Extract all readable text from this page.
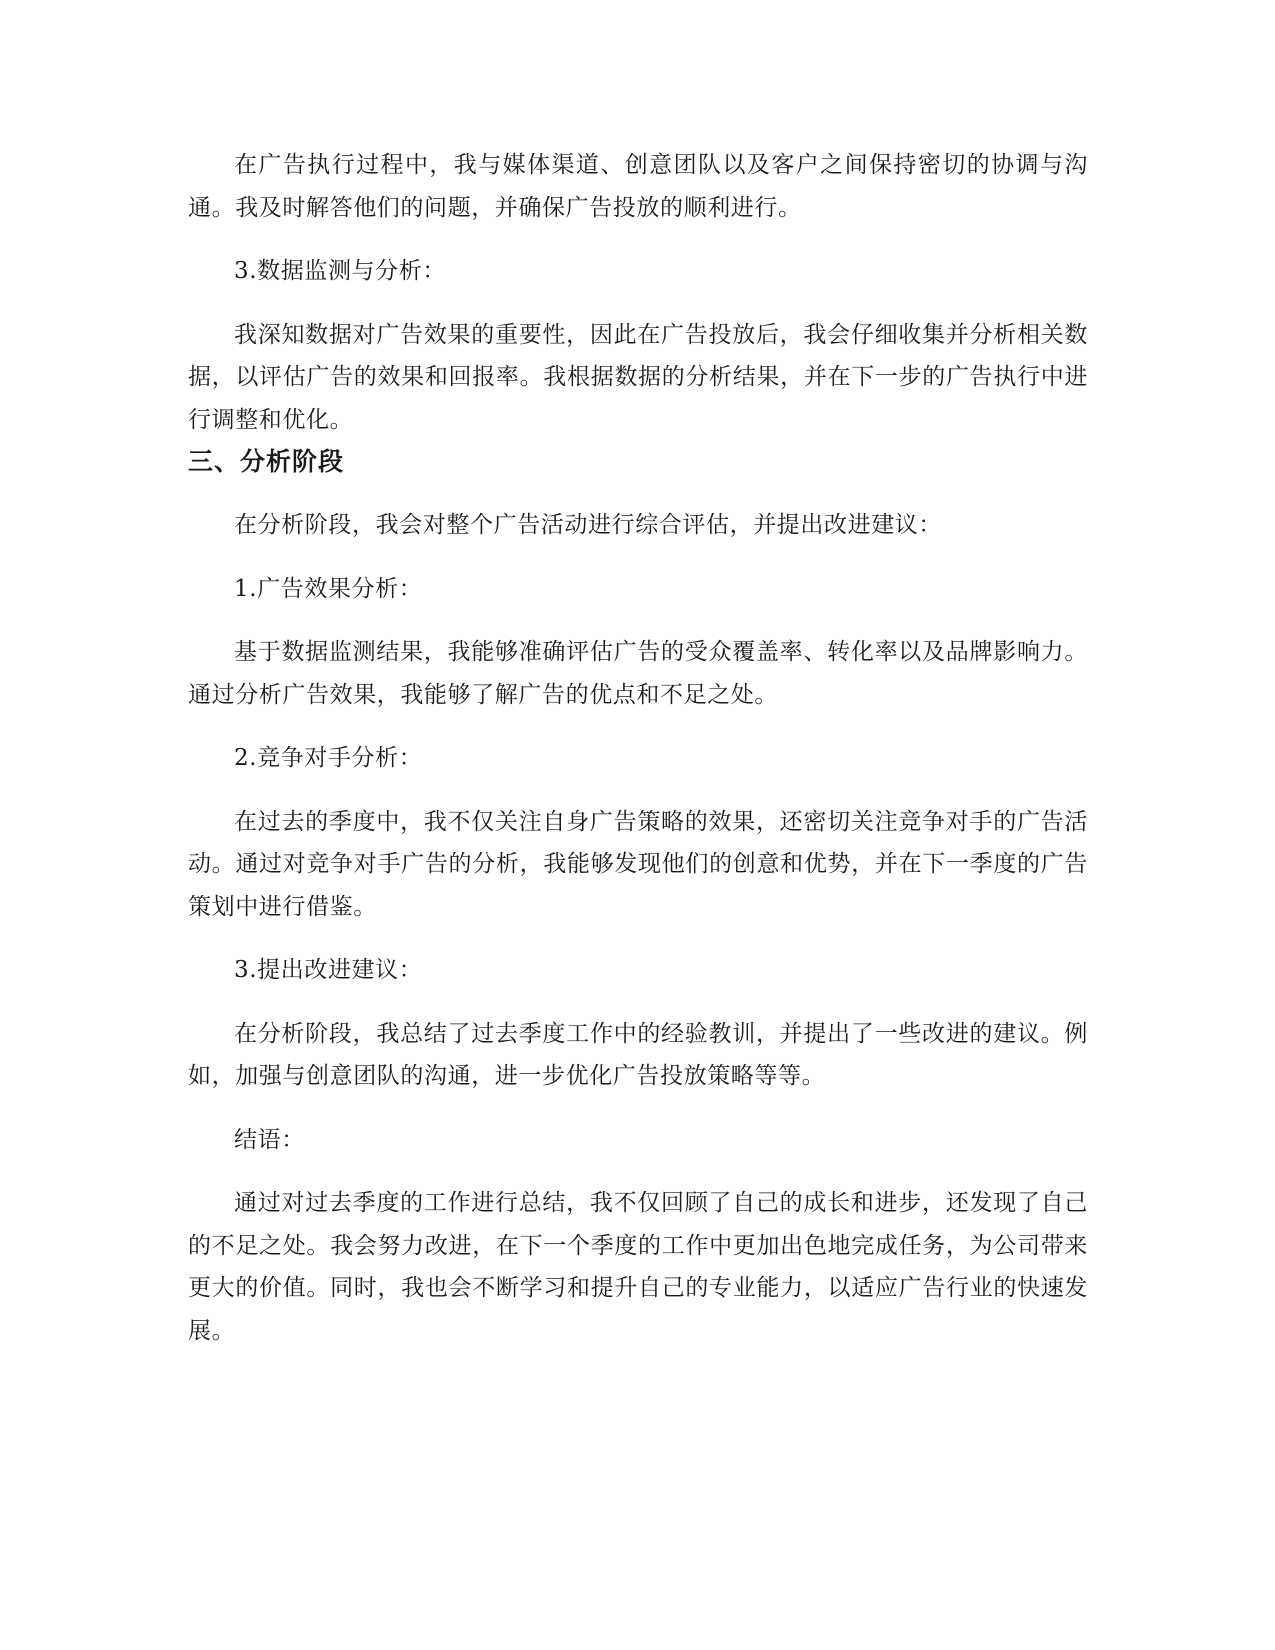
在广告执行过程中，我与媒体渠道、创意团队以及客户之间保持密切的协调与沟通。我及时解答他们的问题，并确保广告投放的顺利进行。

3.数据监测与分析：

我深知数据对广告效果的重要性，因此在广告投放后，我会仔细收集并分析相关数据，以评估广告的效果和回报率。我根据数据的分析结果，并在下一步的广告执行中进行调整和优化。

三、分析阶段

在分析阶段，我会对整个广告活动进行综合评估，并提出改进建议：

1.广告效果分析：

基于数据监测结果，我能够准确评估广告的受众覆盖率、转化率以及品牌影响力。通过分析广告效果，我能够了解广告的优点和不足之处。

2.竞争对手分析：

在过去的季度中，我不仅关注自身广告策略的效果，还密切关注竞争对手的广告活动。通过对竞争对手广告的分析，我能够发现他们的创意和优势，并在下一季度的广告策划中进行借鉴。

3.提出改进建议：

在分析阶段，我总结了过去季度工作中的经验教训，并提出了一些改进的建议。例如，加强与创意团队的沟通，进一步优化广告投放策略等等。

结语：

通过对过去季度的工作进行总结，我不仅回顾了自己的成长和进步，还发现了自己的不足之处。我会努力改进，在下一个季度的工作中更加出色地完成任务，为公司带来更大的价值。同时，我也会不断学习和提升自己的专业能力，以适应广告行业的快速发展。
